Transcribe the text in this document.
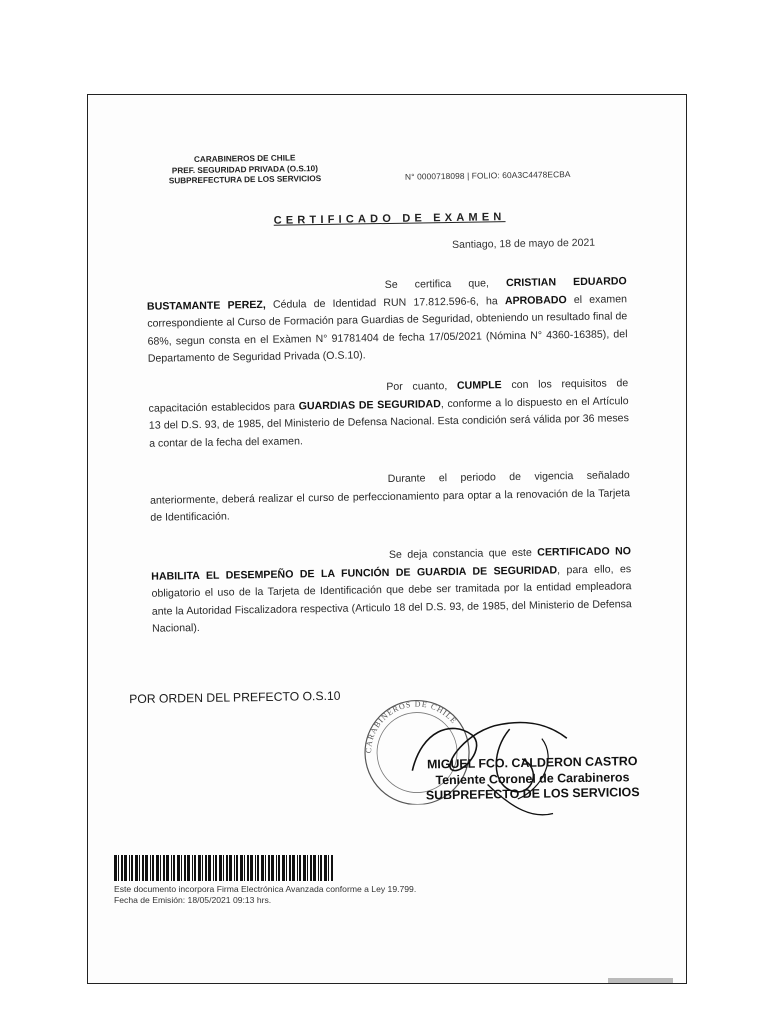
CARABINEROS DE CHILE
PREF. SEGURIDAD PRIVADA (O.S.10)
SUBPREFECTURA DE LOS SERVICIOS	N° 0000718098 | FOLIO: 60A3C4478ECBA
CERTIFICADO DE EXAMEN
Santiago, 18 de mayo de 2021
Se certifica que, CRISTIAN EDUARDO BUSTAMANTE PEREZ, Cédula de Identidad RUN 17.812.596-6, ha APROBADO el examen correspondiente al Curso de Formación para Guardias de Seguridad, obteniendo un resultado final de 68%, segun consta en el Exàmen N° 91781404 de fecha 17/05/2021 (Nómina N° 4360-16385), del Departamento de Seguridad Privada (O.S.10).
Por cuanto, CUMPLE con los requisitos de capacitación establecidos para GUARDIAS DE SEGURIDAD, conforme a lo dispuesto en el Artículo 13 del D.S. 93, de 1985, del Ministerio de Defensa Nacional. Esta condición será válida por 36 meses a contar de la fecha del examen.
Durante el periodo de vigencia señalado anteriormente, deberá realizar el curso de perfeccionamiento para optar a la renovación de la Tarjeta de Identificación.
Se deja constancia que este CERTIFICADO NO HABILITA EL DESEMPEÑO DE LA FUNCIÓN DE GUARDIA DE SEGURIDAD, para ello, es obligatorio el uso de la Tarjeta de Identificación que debe ser tramitada por la entidad empleadora ante la Autoridad Fiscalizadora respectiva (Articulo 18 del D.S. 93, de 1985, del Ministerio de Defensa Nacional).
POR ORDEN DEL PREFECTO O.S.10
CARABINEROS DE CHILE
MIGUEL FCO. CALDERON CASTRO
Teniente Coronel de Carabineros
SUBPREFECTO DE LOS SERVICIOS
Este documento incorpora Firma Electrónica Avanzada conforme a Ley 19.799.
Fecha de Emisión: 18/05/2021 09:13 hrs.
